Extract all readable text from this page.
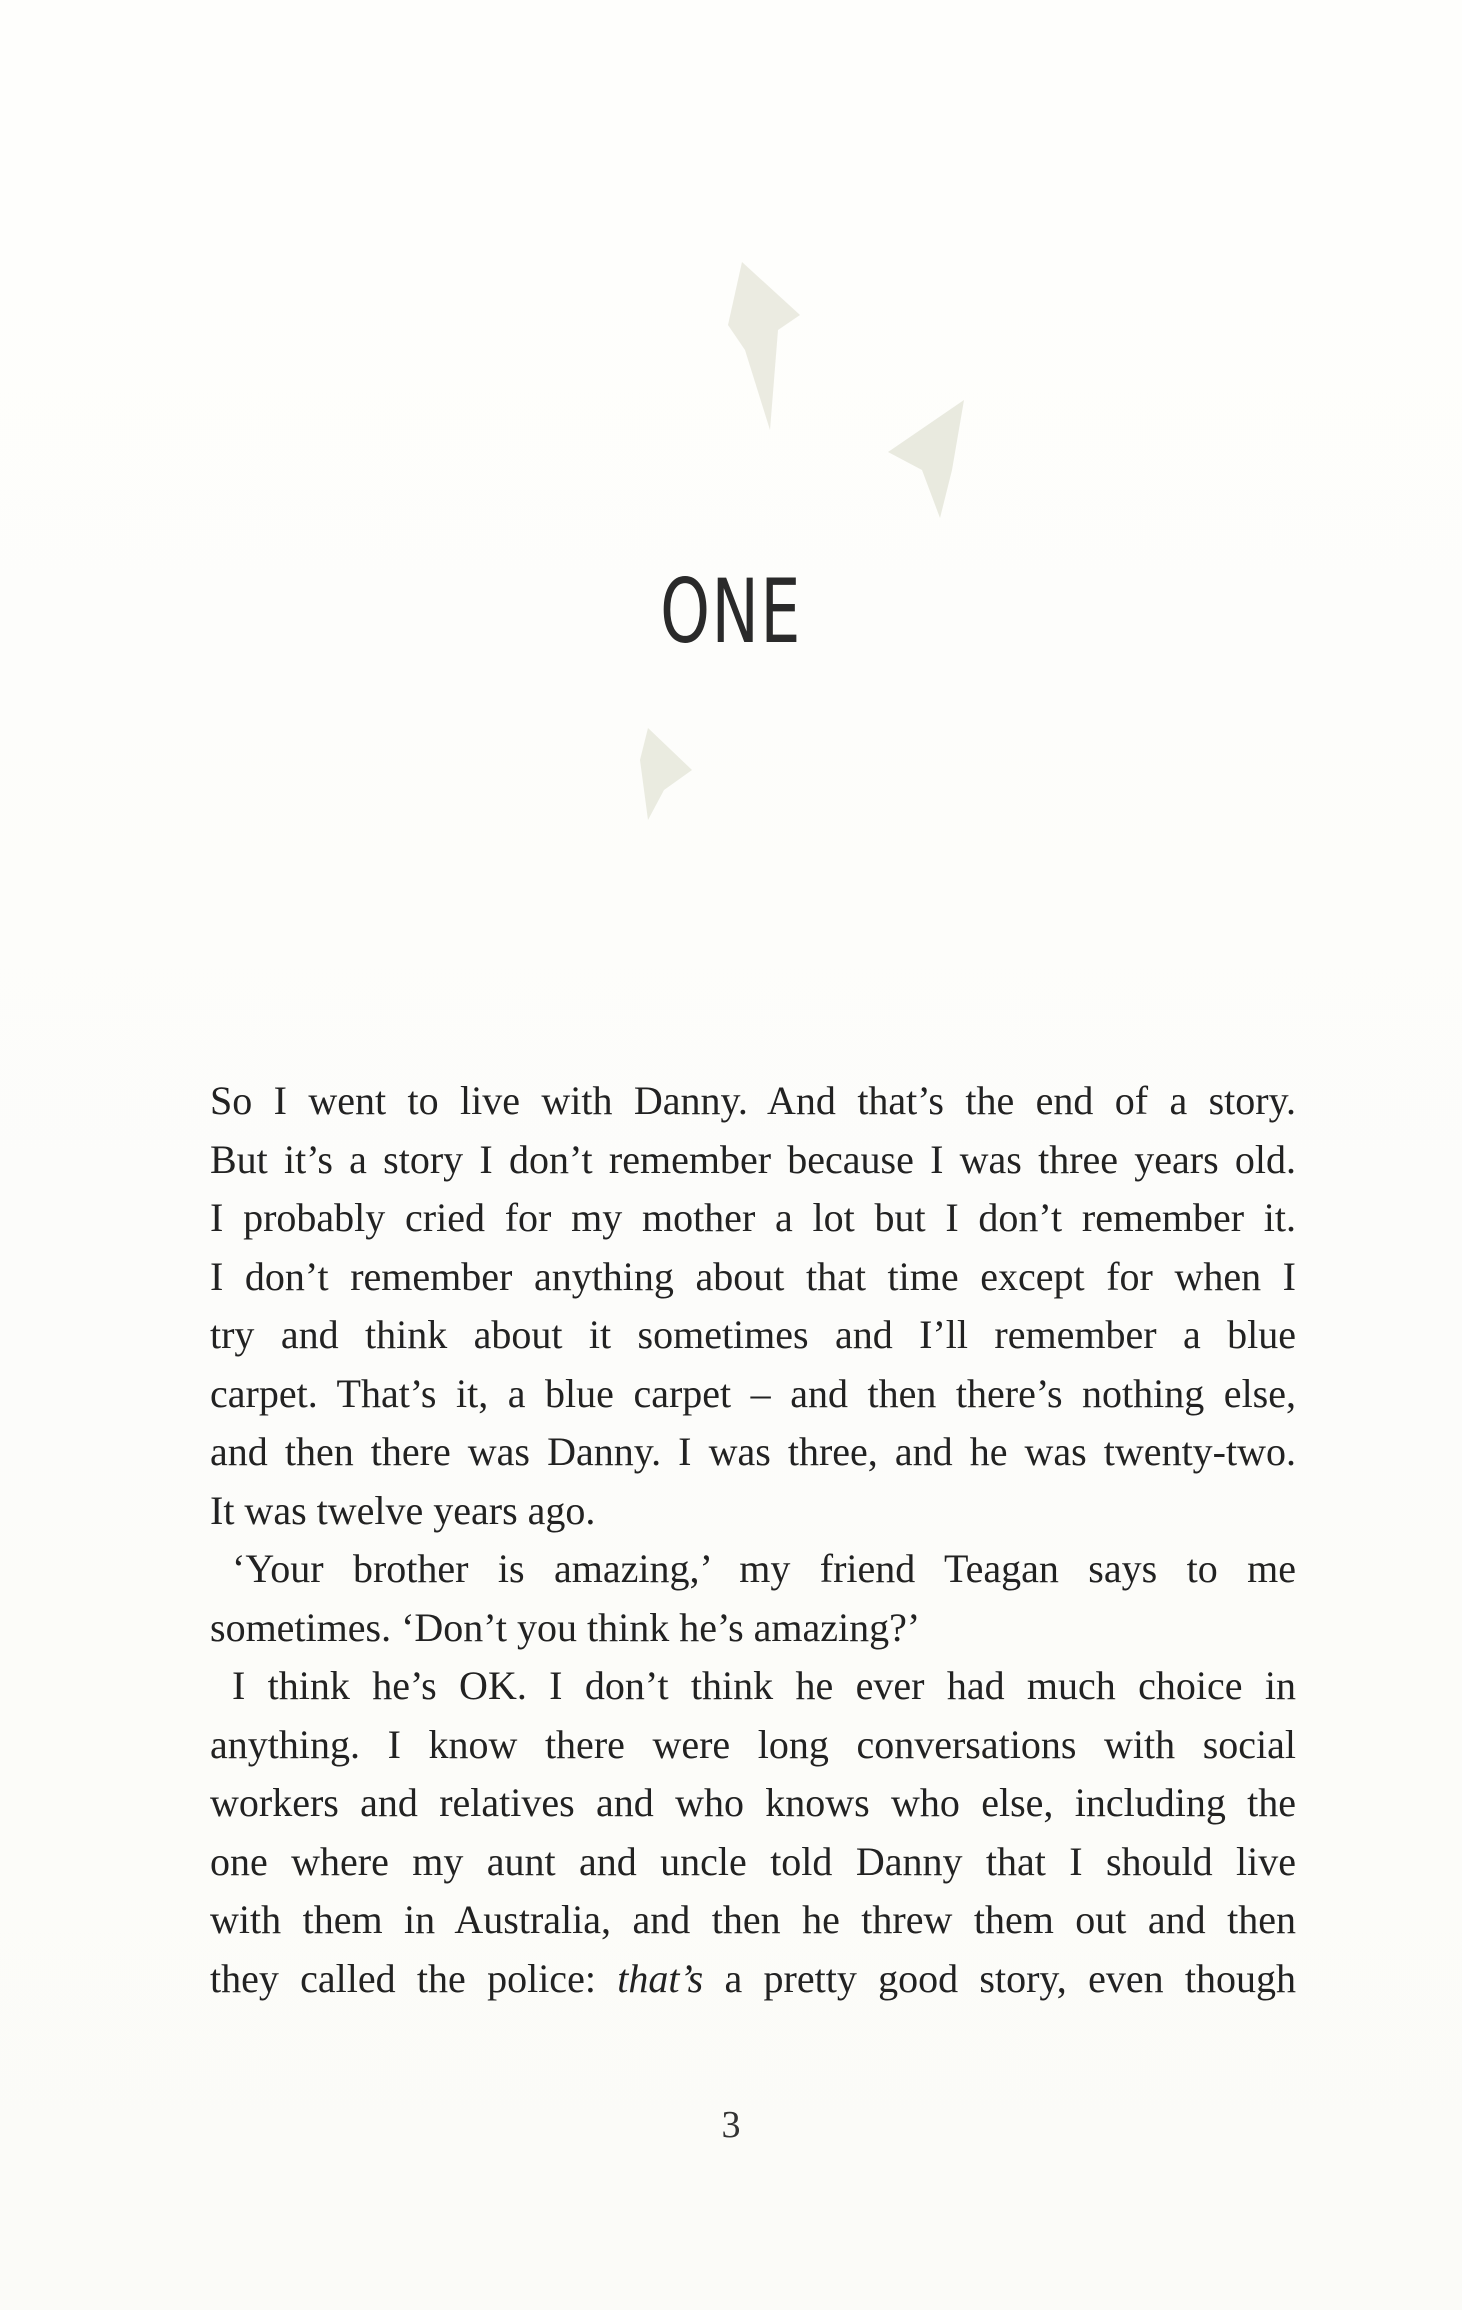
ONE

So I went to live with Danny. And that’s the end of a story.
But it’s a story I don’t remember because I was three years old.
I probably cried for my mother a lot but I don’t remember it.
I don’t remember anything about that time except for when I
try and think about it sometimes and I’ll remember a blue
carpet. That’s it, a blue carpet – and then there’s nothing else,
and then there was Danny. I was three, and he was twenty-two.
It was twelve years ago.

‘Your brother is amazing,’ my friend Teagan says to me
sometimes. ‘Don’t you think he’s amazing?’

I think he’s OK. I don’t think he ever had much choice in
anything. I know there were long conversations with social
workers and relatives and who knows who else, including the
one where my aunt and uncle told Danny that I should live
with them in Australia, and then he threw them out and then
they called the police: that’s a pretty good story, even though

3
